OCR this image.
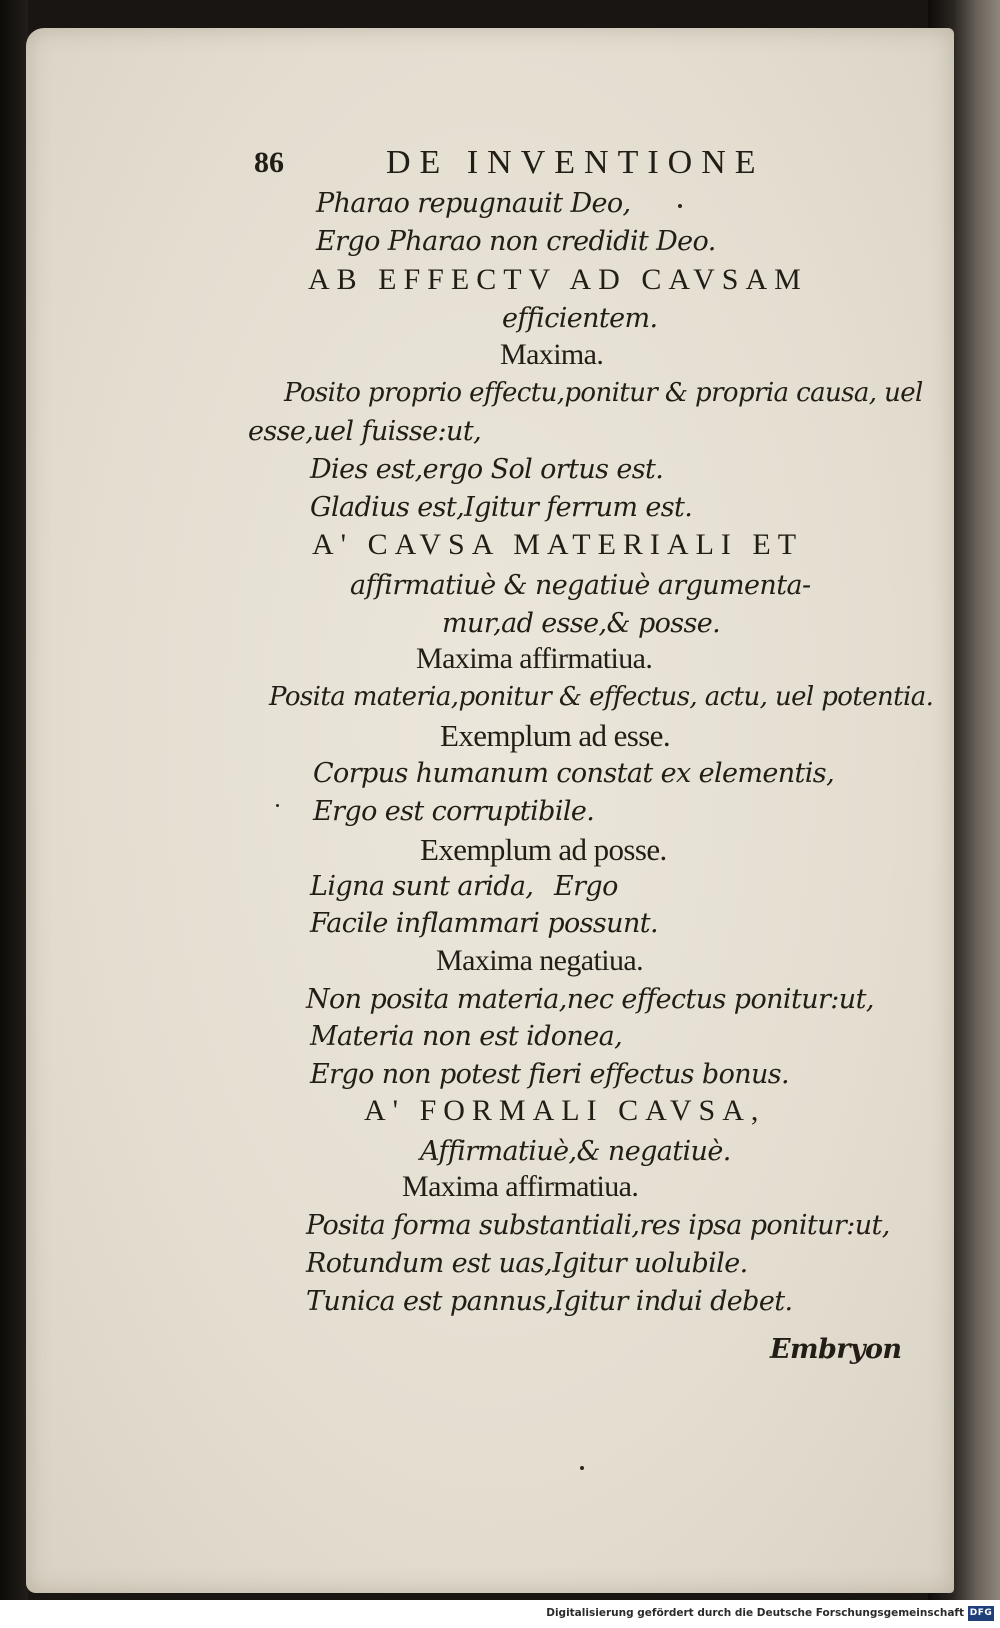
86	DE INVENTIONE
Pharao repugnauit Deo,
Ergo Pharao non credidit Deo.
AB EFFECTV AD CAVSAM
efficientem.
Maxima.
Posito proprio effectu,ponitur & propria causa, uel
esse,uel fuisse:ut,
Dies est,ergo Sol ortus est.
Gladius est,Igitur ferrum est.
A' CAVSA MATERIALI ET
affirmatiuè & negatiuè argumenta-
mur,ad esse,& posse.
Maxima affirmatiua.
Posita materia,ponitur & effectus, actu, uel potentia.
Exemplum ad esse.
Corpus humanum constat ex elementis,
Ergo est corruptibile.
Exemplum ad posse.
Ligna sunt arida, Ergo
Facile inflammari possunt.
Maxima negatiua.
Non posita materia,nec effectus ponitur:ut,
Materia non est idonea,
Ergo non potest fieri effectus bonus.
A' FORMALI CAVSA,
Affirmatiuè,& negatiuè.
Maxima affirmatiua.
Posita forma substantiali,res ipsa ponitur:ut,
Rotundum est uas,Igitur uolubile.
Tunica est pannus,Igitur indui debet.
Embryon
Digitalisierung gefördert durch die Deutsche Forschungsgemeinschaft DFG
